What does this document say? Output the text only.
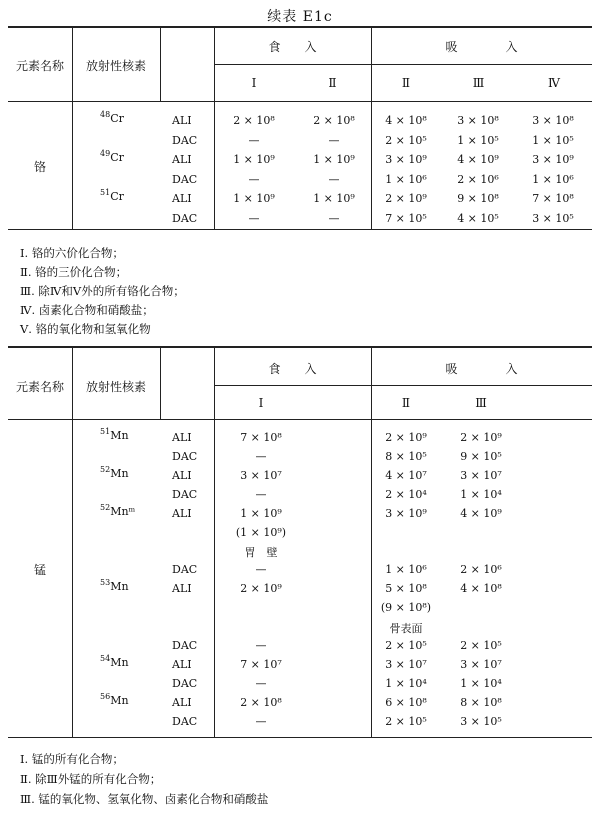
续表 E1c
元素名称	放射性核素
食　　入	吸　　　　入
Ⅰ	Ⅱ	Ⅱ	Ⅲ	Ⅳ
铬
$^{48}$Cr	ALI	2 × 10⁸	2 × 10⁸	4 × 10⁸	3 × 10⁸	3 × 10⁸
DAC	—	—	2 × 10⁵	1 × 10⁵	1 × 10⁵
$^{49}$Cr	ALI	1 × 10⁹	1 × 10⁹	3 × 10⁹	4 × 10⁹	3 × 10⁹
DAC	—	—	1 × 10⁶	2 × 10⁶	1 × 10⁶
$^{51}$Cr	ALI	1 × 10⁹	1 × 10⁹	2 × 10⁹	9 × 10⁸	7 × 10⁸
DAC	—	—	7 × 10⁵	4 × 10⁵	3 × 10⁵
Ⅰ. 铬的六价化合物；
Ⅱ. 铬的三价化合物；
Ⅲ. 除Ⅳ和Ⅴ外的所有铬化合物；
Ⅳ. 卤素化合物和硝酸盐；
Ⅴ. 铬的氧化物和氢氧化物
元素名称	放射性核素
食　　入	吸　　　　入
Ⅰ	Ⅱ	Ⅲ
锰
$^{51}$Mn	ALI	7 × 10⁸	2 × 10⁹	2 × 10⁹
DAC	—	8 × 10⁵	9 × 10⁵
$^{52}$Mn	ALI	3 × 10⁷	4 × 10⁷	3 × 10⁷
DAC	—	2 × 10⁴	1 × 10⁴
$^{52}$Mnᵐ	ALI	1 × 10⁹	3 × 10⁹	4 × 10⁹
(1 × 10⁹)
胃　壁
DAC	—	1 × 10⁶	2 × 10⁶
$^{53}$Mn	ALI	2 × 10⁹	5 × 10⁸	4 × 10⁸
(9 × 10⁸)
骨表面
DAC	—	2 × 10⁵	2 × 10⁵
$^{54}$Mn	ALI	7 × 10⁷	3 × 10⁷	3 × 10⁷
DAC	—	1 × 10⁴	1 × 10⁴
$^{56}$Mn	ALI	2 × 10⁸	6 × 10⁸	8 × 10⁸
DAC	—	2 × 10⁵	3 × 10⁵
Ⅰ. 锰的所有化合物；
Ⅱ. 除Ⅲ外锰的所有化合物；
Ⅲ. 锰的氧化物、氢氧化物、卤素化合物和硝酸盐
